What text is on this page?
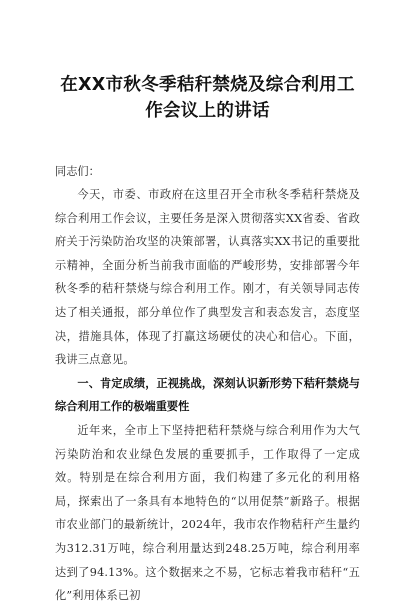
在XX市秋冬季秸秆禁烧及综合利用工作会议上的讲话

同志们：

今天，市委、市政府在这里召开全市秋冬季秸秆禁烧及综合利用工作会议，主要任务是深入贯彻落实XX省委、省政府关于污染防治攻坚的决策部署，认真落实XX书记的重要批示精神，全面分析当前我市面临的严峻形势，安排部署今年秋冬季的秸秆禁烧与综合利用工作。刚才，有关领导同志传达了相关通报，部分单位作了典型发言和表态发言，态度坚决，措施具体，体现了打赢这场硬仗的决心和信心。下面，我讲三点意见。

一、肯定成绩，正视挑战，深刻认识新形势下秸秆禁烧与综合利用工作的极端重要性

近年来，全市上下坚持把秸秆禁烧与综合利用作为大气污染防治和农业绿色发展的重要抓手，工作取得了一定成效。特别是在综合利用方面，我们构建了多元化的利用格局，探索出了一条具有本地特色的“以用促禁”新路子。根据市农业部门的最新统计，2024年，我市农作物秸秆产生量约为312.31万吨，综合利用量达到248.25万吨，综合利用率达到了94.13%。这个数据来之不易，它标志着我市秸秆“五化”利用体系已初
